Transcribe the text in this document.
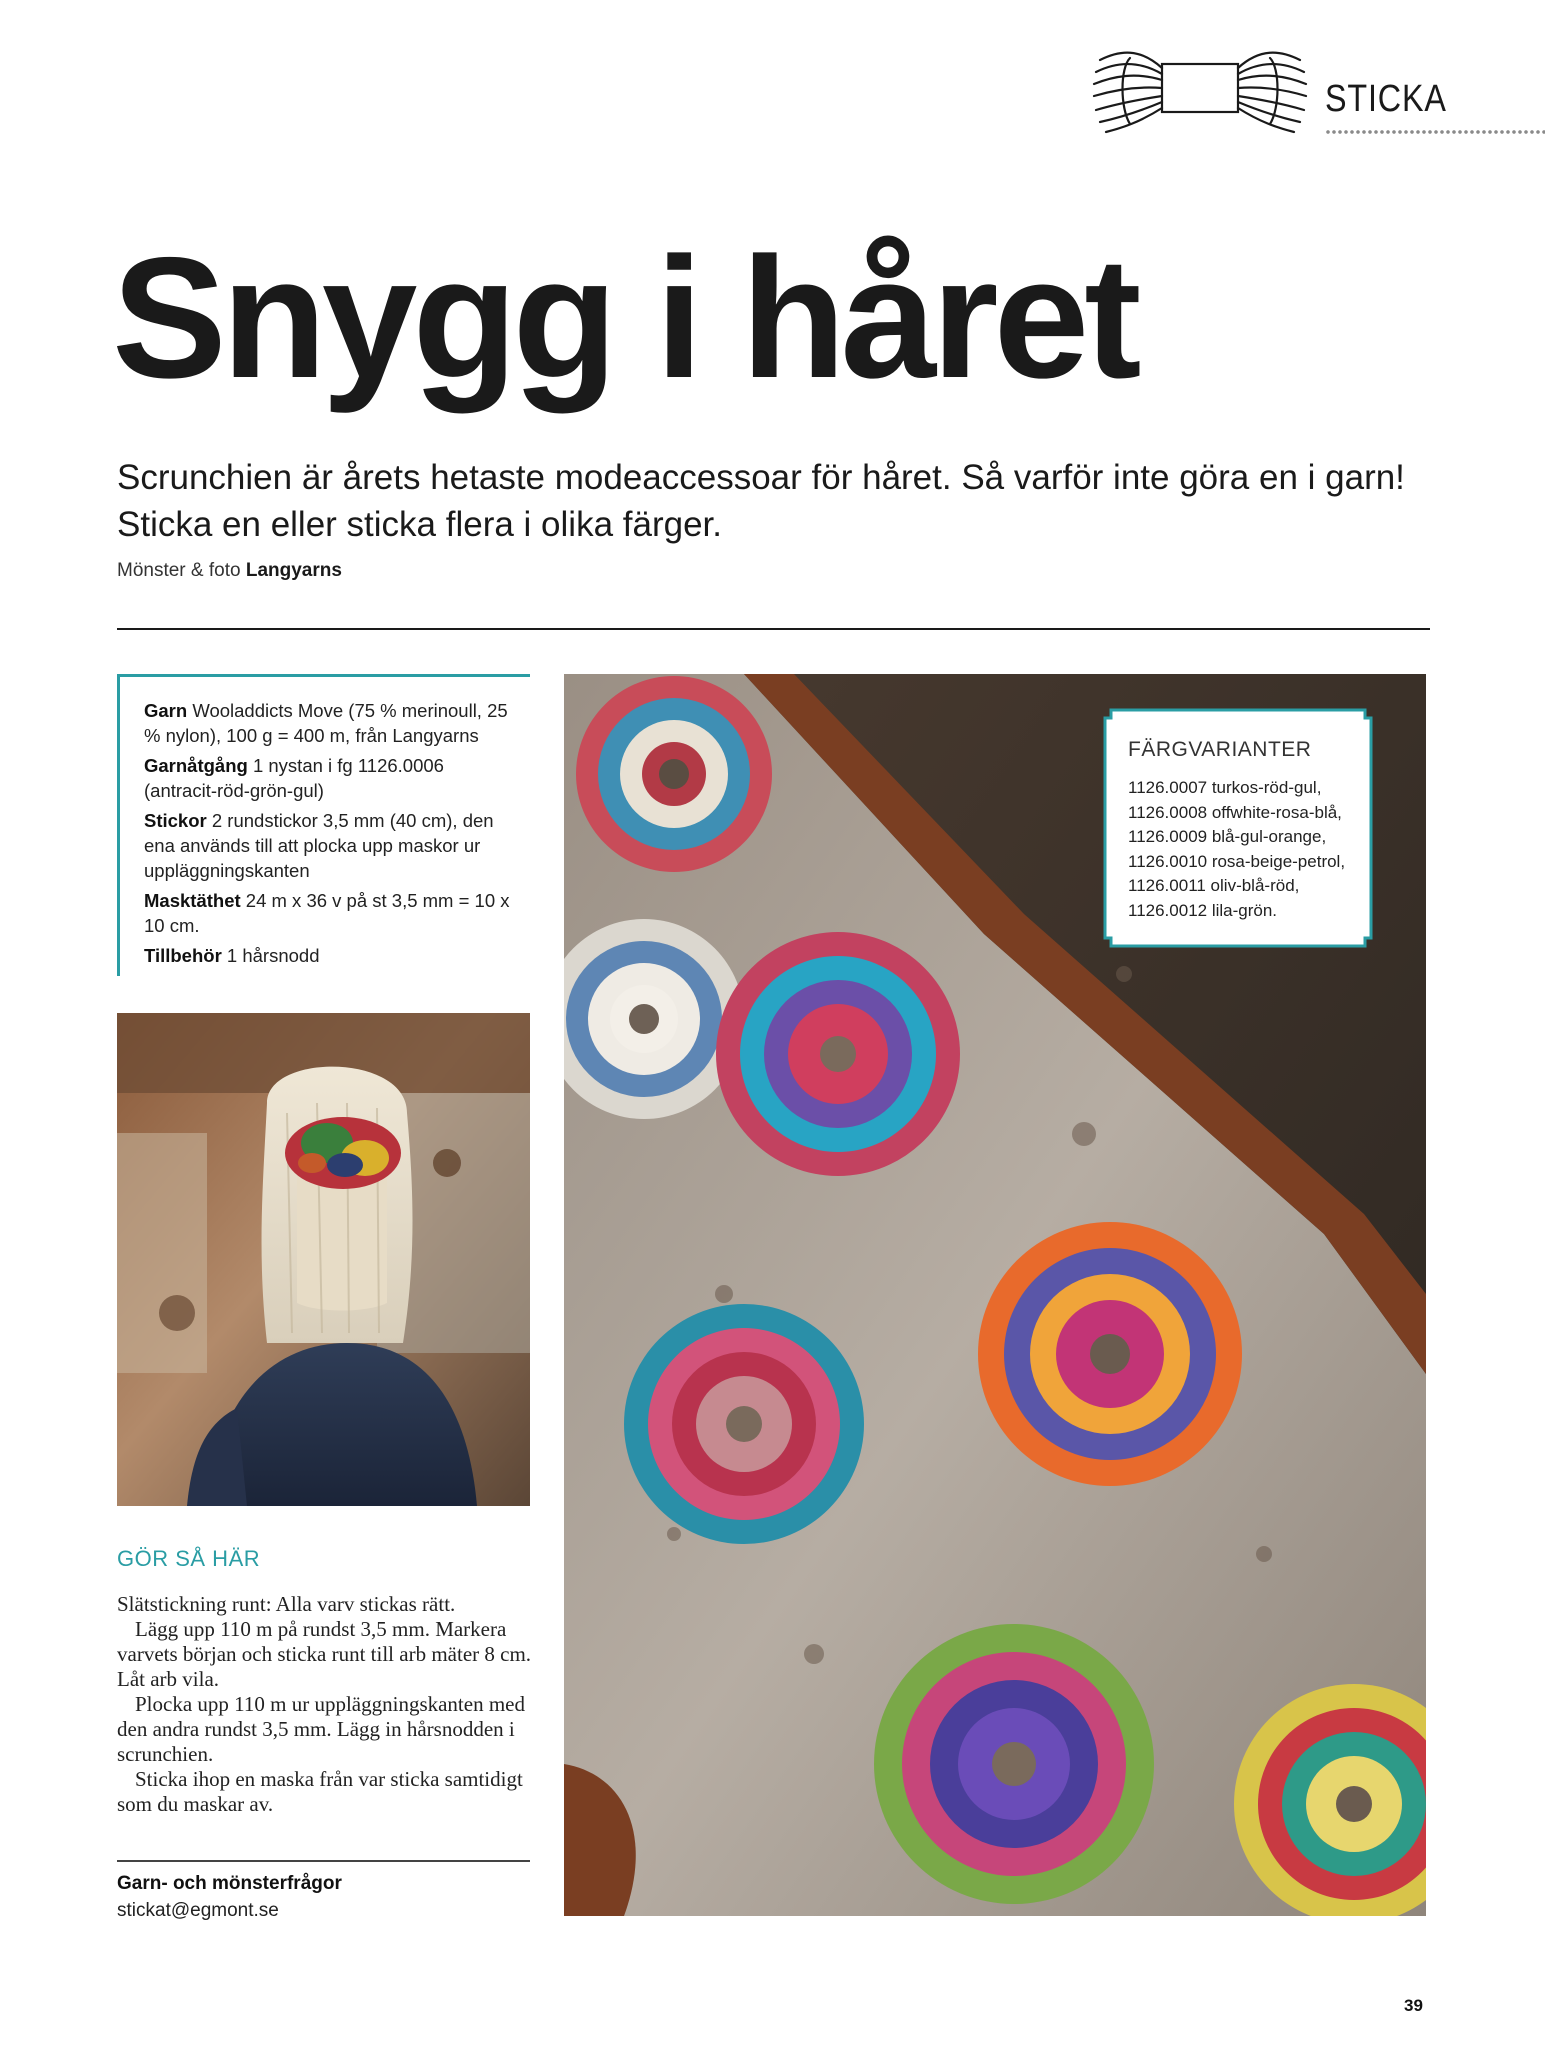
STICKA
Snygg i håret

Scrunchien är årets hetaste modeaccessoar för håret. Så varför inte göra en i garn! Sticka en eller sticka flera i olika färger.

Mönster & foto Langyarns

Garn Wooladdicts Move (75 % merinoull, 25 % nylon), 100 g = 400 m, från Langyarns

Garnåtgång 1 nystan i fg 1126.0006 (antracit-röd-grön-gul)

Stickor 2 rundstickor 3,5 mm (40 cm), den ena används till att plocka upp maskor ur uppläggningskanten

Masktäthet 24 m x 36 v på st 3,5 mm = 10 x 10 cm.

Tillbehör 1 hårsnodd

GÖR SÅ HÄR

Slätstickning runt: Alla varv stickas rätt.

Lägg upp 110 m på rundst 3,5 mm. Markera varvets början och sticka runt till arb mäter 8 cm. Låt arb vila.

Plocka upp 110 m ur uppläggningskanten med den andra rundst 3,5 mm. Lägg in hårsnodden i scrunchien.

Sticka ihop en maska från var sticka samtidigt som du maskar av.

Garn- och mönsterfrågor
stickat@egmont.se
FÄRGVARIANTER
1126.0007 turkos-röd-gul,
1126.0008 offwhite-rosa-blå,
1126.0009 blå-gul-orange,
1126.0010 rosa-beige-petrol,
1126.0011 oliv-blå-röd,
1126.0012 lila-grön.
39
